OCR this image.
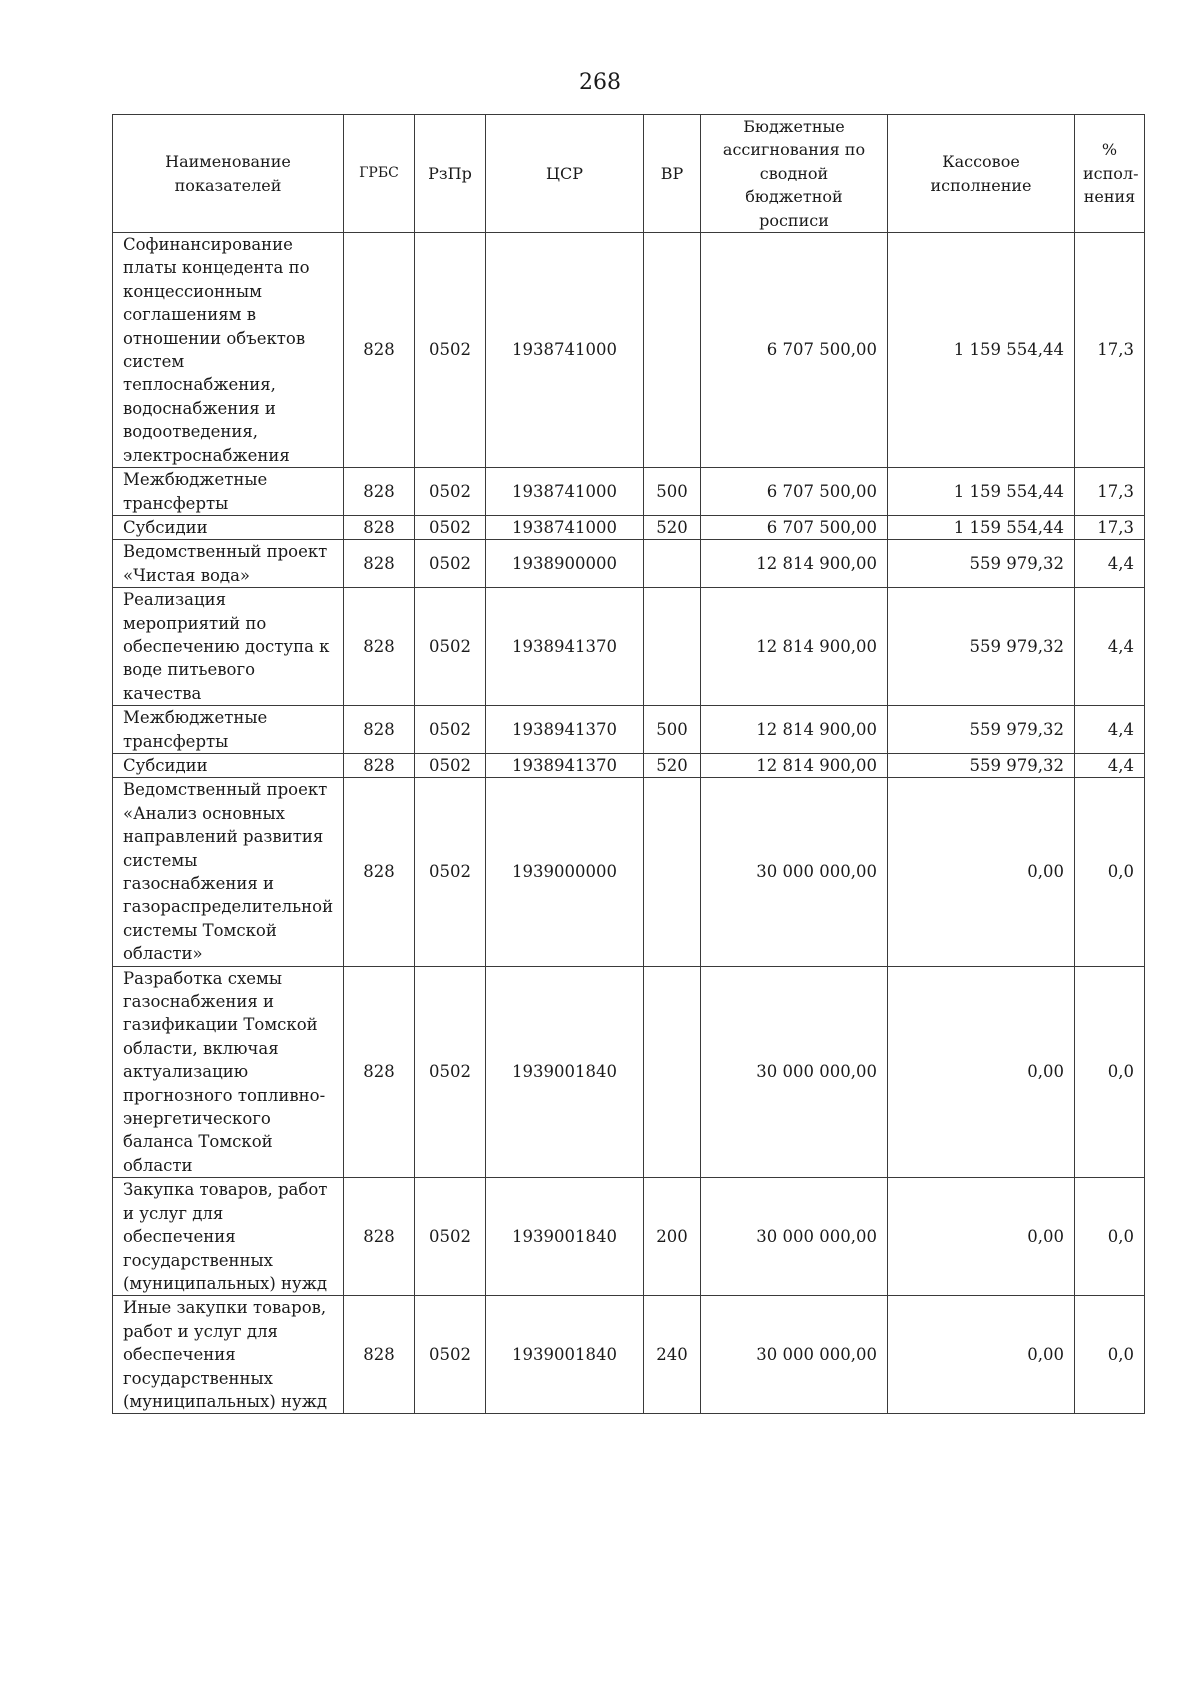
268
Наименование показателей	ГРБС	РзПр	ЦСР	ВР	Бюджетные ассигнования по сводной бюджетной росписи	Кассовое исполнение	% испол-нения
Софинансирование платы концедента по концессионным соглашениям в отношении объектов систем теплоснабжения, водоснабжения и водоотведения, электроснабжения	828	0502	1938741000		6 707 500,00	1 159 554,44	17,3
Межбюджетные трансферты	828	0502	1938741000	500	6 707 500,00	1 159 554,44	17,3
Субсидии	828	0502	1938741000	520	6 707 500,00	1 159 554,44	17,3
Ведомственный проект «Чистая вода»	828	0502	1938900000		12 814 900,00	559 979,32	4,4
Реализация мероприятий по обеспечению доступа к воде питьевого качества	828	0502	1938941370		12 814 900,00	559 979,32	4,4
Межбюджетные трансферты	828	0502	1938941370	500	12 814 900,00	559 979,32	4,4
Субсидии	828	0502	1938941370	520	12 814 900,00	559 979,32	4,4
Ведомственный проект «Анализ основных направлений развития системы газоснабжения и газораспределительной системы Томской области»	828	0502	1939000000		30 000 000,00	0,00	0,0
Разработка схемы газоснабжения и газификации Томской области, включая актуализацию прогнозного топливно-энергетического баланса Томской области	828	0502	1939001840		30 000 000,00	0,00	0,0
Закупка товаров, работ и услуг для обеспечения государственных (муниципальных) нужд	828	0502	1939001840	200	30 000 000,00	0,00	0,0
Иные закупки товаров, работ и услуг для обеспечения государственных (муниципальных) нужд	828	0502	1939001840	240	30 000 000,00	0,00	0,0
